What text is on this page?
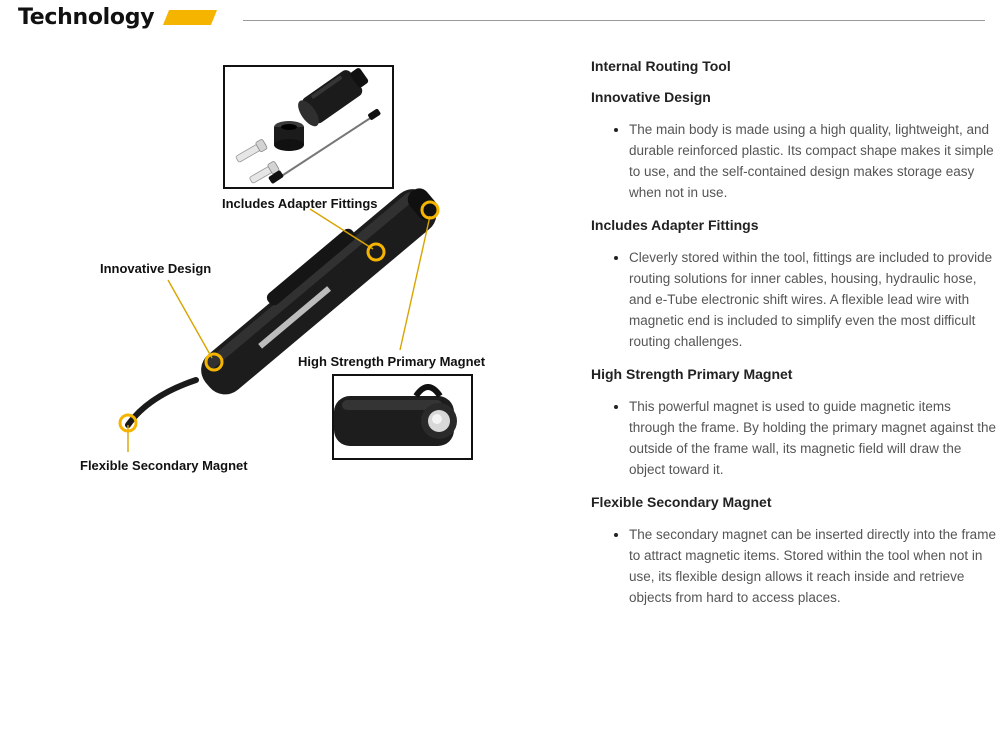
Technology
Includes Adapter Fittings
Innovative Design
High Strength Primary Magnet
Flexible Secondary Magnet
Internal Routing Tool
Innovative Design
The main body is made using a high quality, lightweight, and durable reinforced plastic. Its compact shape makes it simple to use, and the self-contained design makes storage easy when not in use.
Includes Adapter Fittings
Cleverly stored within the tool, fittings are included to provide routing solutions for inner cables, housing, hydraulic hose, and e-Tube electronic shift wires. A flexible lead wire with magnetic end is included to simplify even the most difficult routing challenges.
High Strength Primary Magnet
This powerful magnet is used to guide magnetic items through the frame. By holding the primary magnet against the outside of the frame wall, its magnetic field will draw the object toward it.
Flexible Secondary Magnet
The secondary magnet can be inserted directly into the frame to attract magnetic items. Stored within the tool when not in use, its flexible design allows it reach inside and retrieve objects from hard to access places.
